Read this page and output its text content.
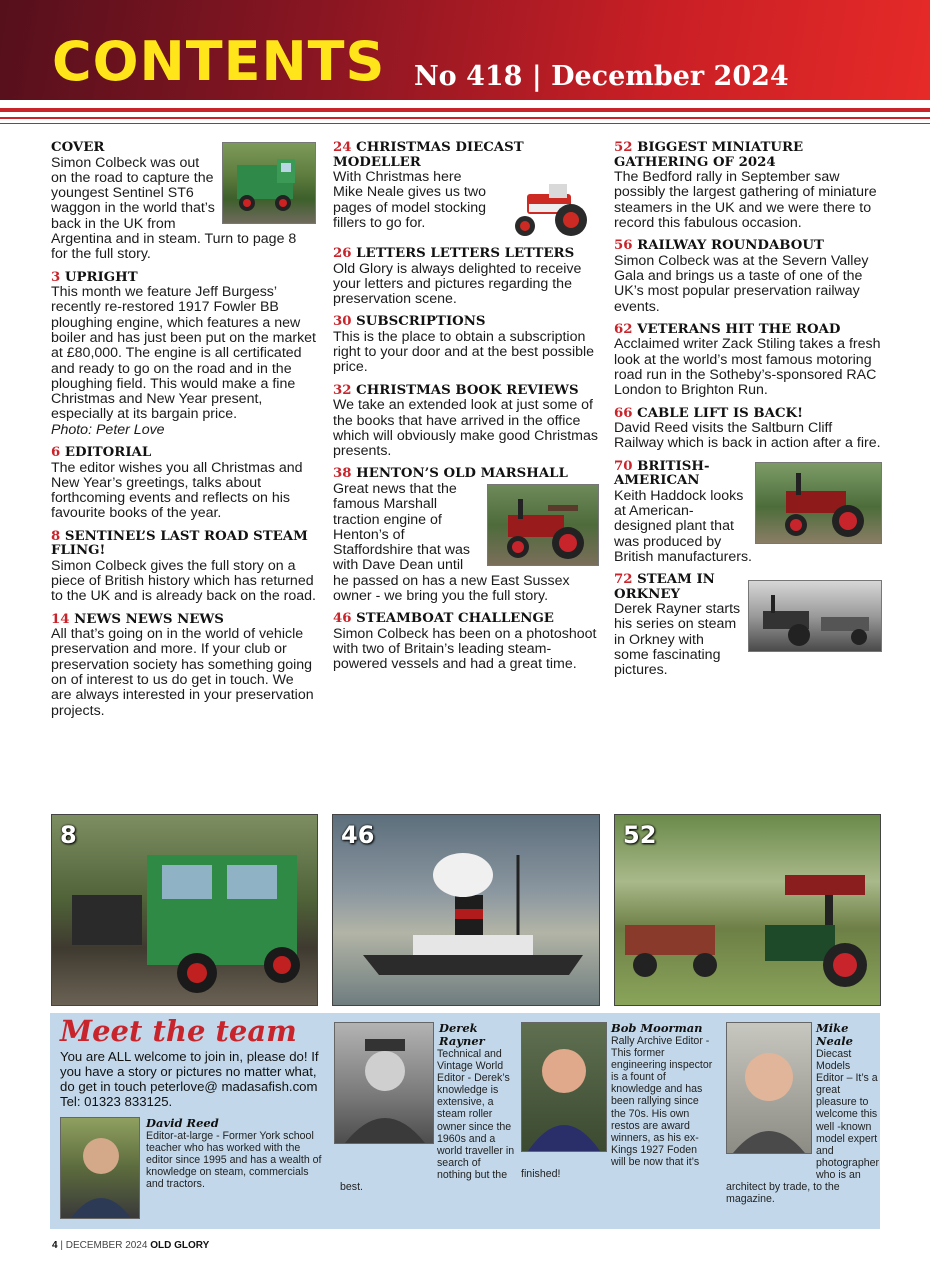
CONTENTS No 418 | December 2024
COVER

Simon Colbeck was out on the road to capture the youngest Sentinel ST6 waggon in the world that’s back in the UK from Argentina and in steam. Turn to page 8 for the full story.

3 UPRIGHT

This month we feature Jeff Burgess’ recently re-restored 1917 Fowler BB ploughing engine, which features a new boiler and has just been put on the market at £80,000. The engine is all certificated and ready to go on the road and in the ploughing field. This would make a fine Christmas and New Year present, especially at its bargain price.

Photo: Peter Love

6 EDITORIAL

The editor wishes you all Christmas and New Year’s greetings, talks about forthcoming events and reflects on his favourite books of the year.

8 SENTINEL’S LAST ROAD STEAM FLING!

Simon Colbeck gives the full story on a piece of British history which has returned to the UK and is already back on the road.

14 NEWS NEWS NEWS

All that’s going on in the world of vehicle preservation and more. If your club or preservation society has something going on of interest to us do get in touch. We are always interested in your preservation projects.

24 CHRISTMAS DIECAST MODELLER

With Christmas here Mike Neale gives us two pages of model stocking fillers to go for.

26 LETTERS LETTERS LETTERS

Old Glory is always delighted to receive your letters and pictures regarding the preservation scene.

30 SUBSCRIPTIONS

This is the place to obtain a subscription right to your door and at the best possible price.

32 CHRISTMAS BOOK REVIEWS

We take an extended look at just some of the books that have arrived in the office which will obviously make good Christmas presents.

38 HENTON’S OLD MARSHALL

Great news that the famous Marshall traction engine of Henton’s of Staffordshire that was with Dave Dean until he passed on has a new East Sussex owner - we bring you the full story.

46 STEAMBOAT CHALLENGE

Simon Colbeck has been on a photoshoot with two of Britain’s leading steam-powered vessels and had a great time.

52 BIGGEST MINIATURE GATHERING OF 2024

The Bedford rally in September saw possibly the largest gathering of miniature steamers in the UK and we were there to record this fabulous occasion.

56 RAILWAY ROUNDABOUT

Simon Colbeck was at the Severn Valley Gala and brings us a taste of one of the UK’s most popular preservation railway events.

62 VETERANS HIT THE ROAD

Acclaimed writer Zack Stiling takes a fresh look at the world’s most famous motoring road run in the Sotheby’s-sponsored RAC London to Brighton Run.

66 CABLE LIFT IS BACK!

David Reed visits the Saltburn Cliff Railway which is back in action after a fire.

70 BRITISH-AMERICAN

Keith Haddock looks at American-designed plant that was produced by British manufacturers.

72 STEAM IN ORKNEY

Derek Rayner starts his series on steam in Orkney with some fascinating pictures.

8	46	52
Meet the team
You are ALL welcome to join in, please do! If you have a story or pictures no matter what, do get in touch peterlove@ madasafish.com Tel: 01323 833125.
David Reed
Editor-at-large - Former York school teacher who has worked with the editor since 1995 and has a wealth of knowledge on steam, commercials and tractors.
Derek Rayner
Technical and Vintage World Editor - Derek’s knowledge is extensive, a steam roller owner since the 1960s and a world traveller in search of nothing but the best.
Bob Moorman
Rally Archive Editor - This former engineering inspector is a fount of knowledge and has been rallying since the 70s. His own restos are award winners, as his ex-Kings 1927 Foden will be now that it’s finished!
Mike Neale
Diecast Models Editor – It’s a great pleasure to welcome this well -known model expert and photographer who is an architect by trade, to the magazine.
4 | DECEMBER 2024 OLD GLORY
